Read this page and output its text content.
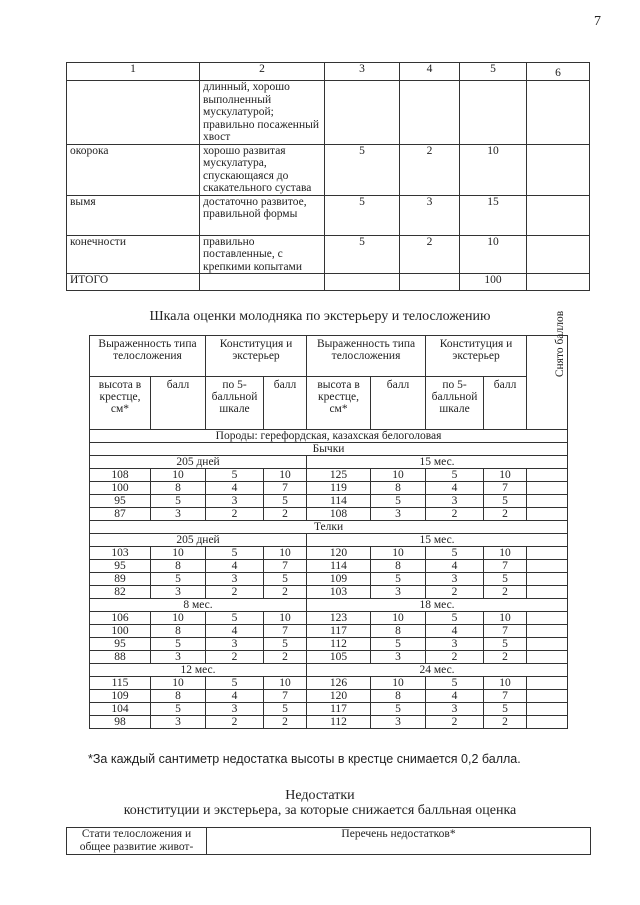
7
1	2	3	4	5	6
	длинный, хорошо выполненный мускулатурой; правильно посаженный хвост				
окорока	хорошо развитая мускулатура, спускающаяся до скакательного сустава	5	2	10	
вымя	достаточно развитое, правильной формы	5	3	15	
конечности	правильно поставленные, с крепкими копытами	5	2	10	
ИТОГО				100	
Шкала оценки молодняка по экстерьеру и телосложению
Выраженность типа телосложения		Конституция и экстерьер		Выраженность типа телосложения		Конституция и экстерьер		Снято баллов
высота в крестце, см*	балл	по 5-балльной шкале	балл	высота в крестце, см*	балл	по 5-балльной шкале	балл	
Породы: герефордская, казахская белоголовая								
Бычки								
205 дней				15 мес.				
108	10	5	10	125	10	5	10	
100	8	4	7	119	8	4	7	
95	5	3	5	114	5	3	5	
87	3	2	2	108	3	2	2	
Телки								
205 дней				15 мес.				
103	10	5	10	120	10	5	10	
95	8	4	7	114	8	4	7	
89	5	3	5	109	5	3	5	
82	3	2	2	103	3	2	2	
8 мес.				18 мес.				
106	10	5	10	123	10	5	10	
100	8	4	7	117	8	4	7	
95	5	3	5	112	5	3	5	
88	3	2	2	105	3	2	2	
12 мес.				24 мес.				
115	10	5	10	126	10	5	10	
109	8	4	7	120	8	4	7	
104	5	3	5	117	5	3	5	
98	3	2	2	112	3	2	2	
*За каждый сантиметр недостатка высоты в крестце снимается 0,2 балла.
Недостатки
конституции и экстерьера, за которые снижается балльная оценка
Стати телосложения и общее развитие живот-	Перечень недостатков*
